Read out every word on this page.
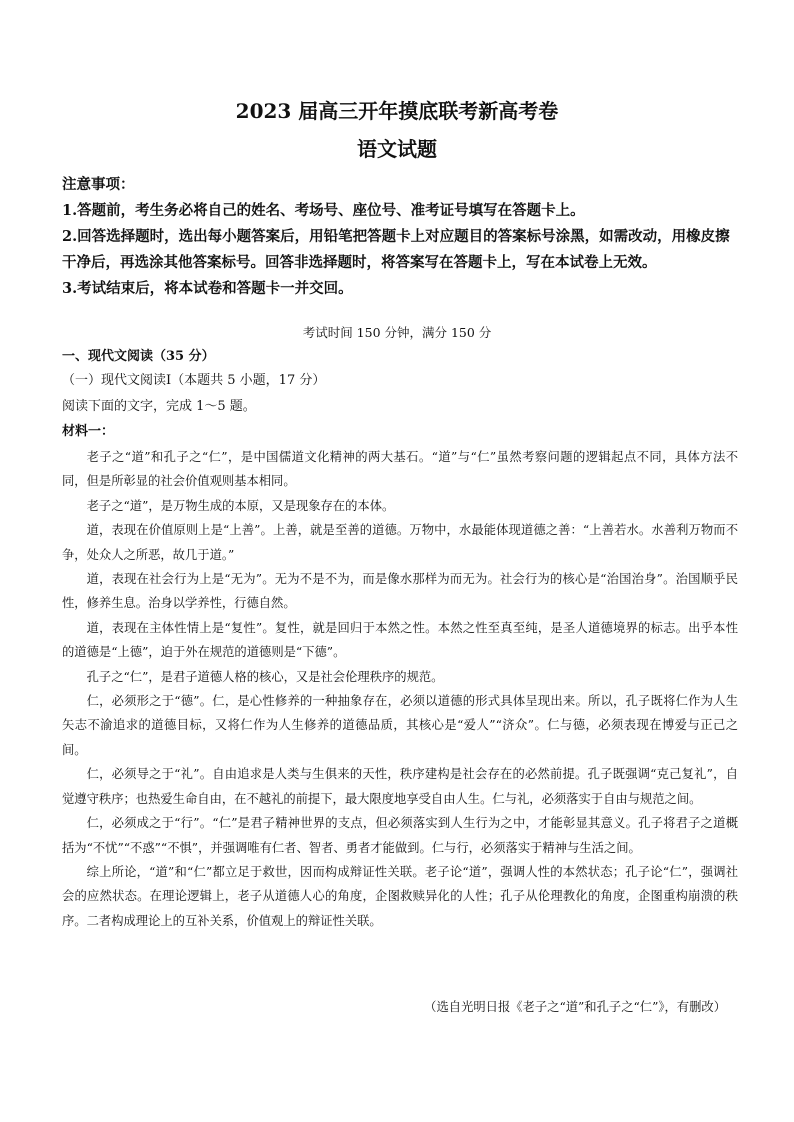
2023 届高三开年摸底联考新高考卷
语文试题
注意事项：
1.答题前，考生务必将自己的姓名、考场号、座位号、准考证号填写在答题卡上。
2.回答选择题时，选出每小题答案后，用铅笔把答题卡上对应题目的答案标号涂黑，如需改动，用橡皮擦干净后，再选涂其他答案标号。回答非选择题时，将答案写在答题卡上，写在本试卷上无效。
3.考试结束后，将本试卷和答题卡一并交回。
考试时间 150 分钟，满分 150 分
一、现代文阅读（35 分）
（一）现代文阅读Ⅰ（本题共 5 小题，17 分）
阅读下面的文字，完成 1～5 题。
材料一：

老子之“道”和孔子之“仁”，是中国儒道文化精神的两大基石。“道”与“仁”虽然考察问题的逻辑起点不同，具体方法不同，但是所彰显的社会价值观则基本相同。

老子之“道”，是万物生成的本原，又是现象存在的本体。

道，表现在价值原则上是“上善”。上善，就是至善的道德。万物中，水最能体现道德之善：“上善若水。水善利万物而不争，处众人之所恶，故几于道。”

道，表现在社会行为上是“无为”。无为不是不为，而是像水那样为而无为。社会行为的核心是“治国治身”。治国顺乎民性，修养生息。治身以学养性，行德自然。

道，表现在主体性情上是“复性”。复性，就是回归于本然之性。本然之性至真至纯，是圣人道德境界的标志。出乎本性的道德是“上德”，迫于外在规范的道德则是“下德”。

孔子之“仁”，是君子道德人格的核心，又是社会伦理秩序的规范。

仁，必须形之于“德”。仁，是心性修养的一种抽象存在，必须以道德的形式具体呈现出来。所以，孔子既将仁作为人生矢志不渝追求的道德目标，又将仁作为人生修养的道德品质，其核心是“爱人”“济众”。仁与德，必须表现在博爱与正己之间。

仁，必须导之于“礼”。自由追求是人类与生俱来的天性，秩序建构是社会存在的必然前提。孔子既强调“克己复礼”，自觉遵守秩序；也热爱生命自由，在不越礼的前提下，最大限度地享受自由人生。仁与礼，必须落实于自由与规范之间。

仁，必须成之于“行”。“仁”是君子精神世界的支点，但必须落实到人生行为之中，才能彰显其意义。孔子将君子之道概括为“不忧”“不惑”“不惧”，并强调唯有仁者、智者、勇者才能做到。仁与行，必须落实于精神与生活之间。

综上所论，“道”和“仁”都立足于救世，因而构成辩证性关联。老子论“道”，强调人性的本然状态；孔子论“仁”，强调社会的应然状态。在理论逻辑上，老子从道德人心的角度，企图救赎异化的人性；孔子从伦理教化的角度，企图重构崩溃的秩序。二者构成理论上的互补关系，价值观上的辩证性关联。

（选自光明日报《老子之“道”和孔子之“仁”》，有删改）
